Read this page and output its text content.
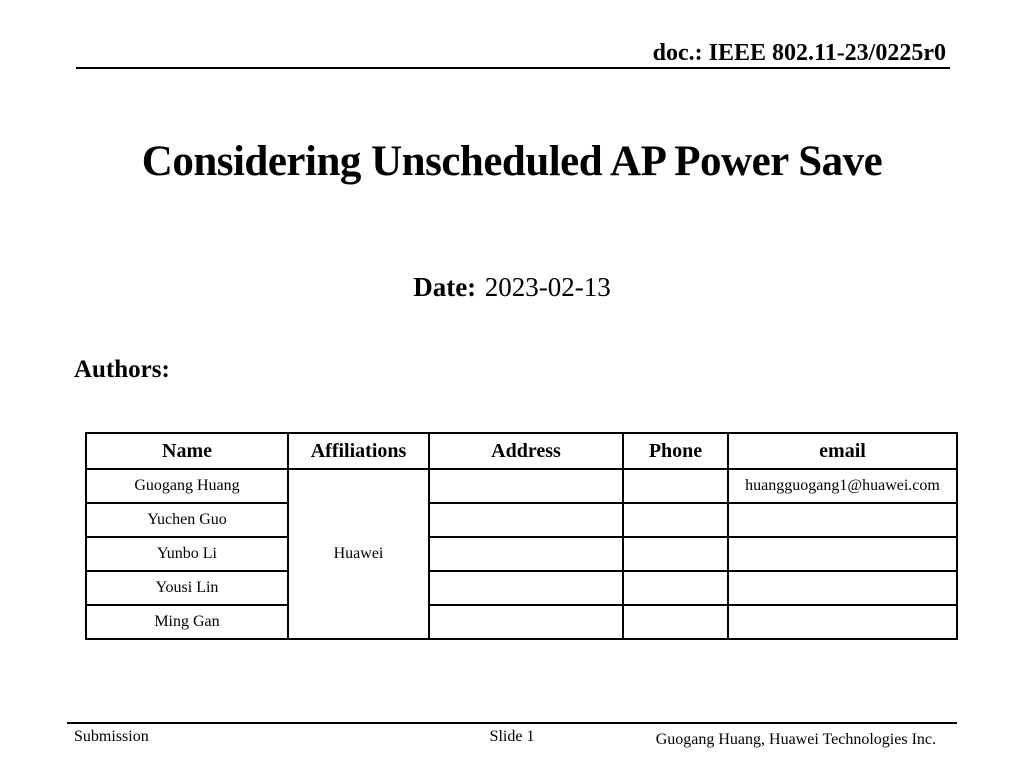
doc.: IEEE 802.11-23/0225r0
Considering Unscheduled AP Power Save
Date: 2023-02-13
Authors:
Name	Affiliations	Address	Phone	email
Guogang Huang	Huawei			huangguogang1@huawei.com
Yuchen Guo				
Yunbo Li				
Yousi Lin				
Ming Gan				
Submission	Slide 1	Guogang Huang, Huawei Technologies Inc.
